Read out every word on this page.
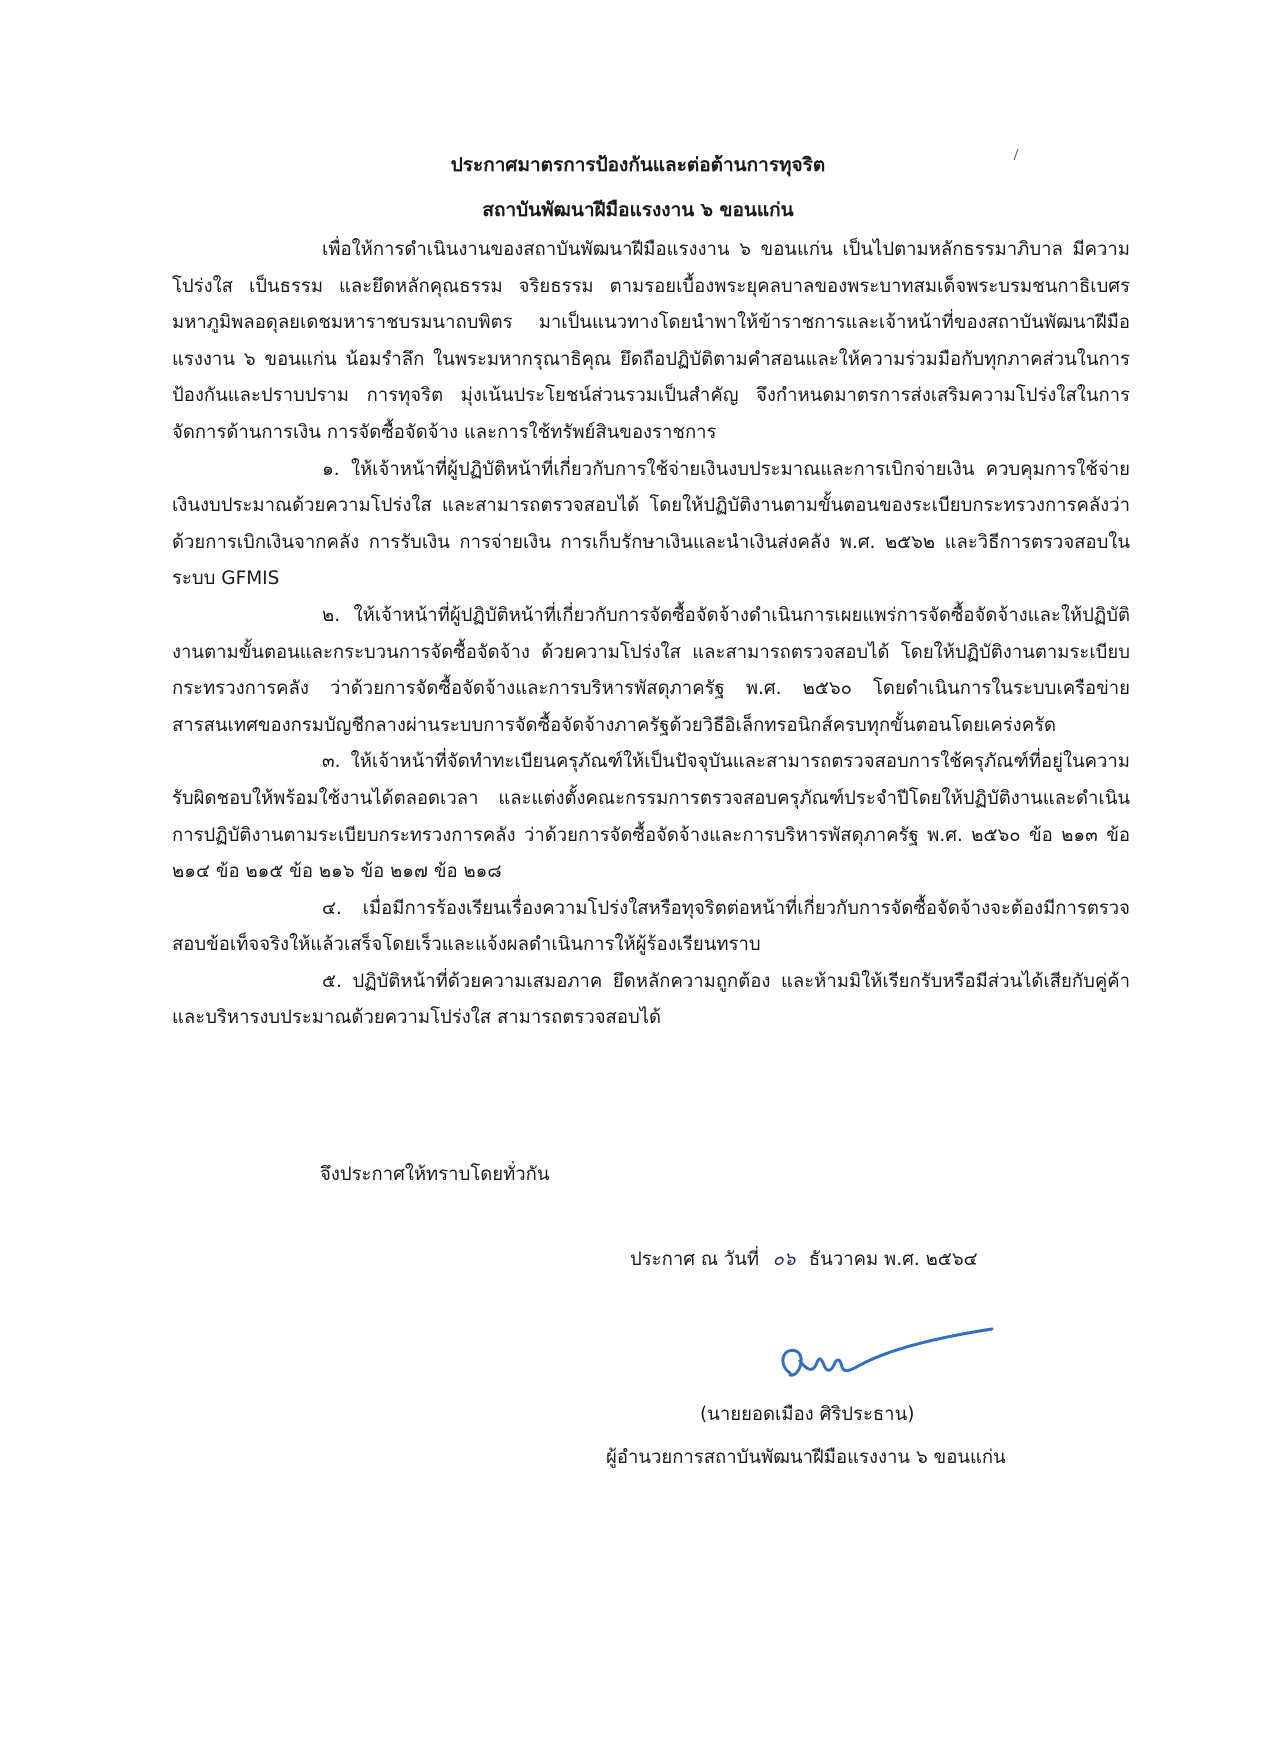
ประกาศมาตรการป้องกันและต่อต้านการทุจริต
สถาบันพัฒนาฝีมือแรงงาน ๖ ขอนแก่น

เพื่อให้การดำเนินงานของสถาบันพัฒนาฝีมือแรงงาน ๖ ขอนแก่น เป็นไปตามหลักธรรมาภิบาล มีความโปร่งใส เป็นธรรม และยึดหลักคุณธรรม จริยธรรม ตามรอยเบื้องพระยุคลบาลของพระบาทสมเด็จพระบรมชนกาธิเบศร มหาภูมิพลอดุลยเดชมหาราชบรมนาถบพิตร มาเป็นแนวทางโดยนำพาให้ข้าราชการและเจ้าหน้าที่ของสถาบันพัฒนาฝีมือแรงงาน ๖ ขอนแก่น น้อมรำลึก ในพระมหากรุณาธิคุณ ยึดถือปฏิบัติตามคำสอนและให้ความร่วมมือกับทุกภาคส่วนในการป้องกันและปราบปราม การทุจริต มุ่งเน้นประโยชน์ส่วนรวมเป็นสำคัญ จึงกำหนดมาตรการส่งเสริมความโปร่งใสในการจัดการด้านการเงิน การจัดซื้อจัดจ้าง และการใช้ทรัพย์สินของราชการ

๑. ให้เจ้าหน้าที่ผู้ปฏิบัติหน้าที่เกี่ยวกับการใช้จ่ายเงินงบประมาณและการเบิกจ่ายเงิน ควบคุมการใช้จ่ายเงินงบประมาณด้วยความโปร่งใส และสามารถตรวจสอบได้ โดยให้ปฏิบัติงานตามขั้นตอนของระเบียบกระทรวงการคลังว่าด้วยการเบิกเงินจากคลัง การรับเงิน การจ่ายเงิน การเก็บรักษาเงินและนำเงินส่งคลัง พ.ศ. ๒๕๖๒ และวิธีการตรวจสอบในระบบ GFMIS

๒. ให้เจ้าหน้าที่ผู้ปฏิบัติหน้าที่เกี่ยวกับการจัดซื้อจัดจ้างดำเนินการเผยแพร่การจัดซื้อจัดจ้างและให้ปฏิบัติงานตามขั้นตอนและกระบวนการจัดซื้อจัดจ้าง ด้วยความโปร่งใส และสามารถตรวจสอบได้ โดยให้ปฏิบัติงานตามระเบียบกระทรวงการคลัง ว่าด้วยการจัดซื้อจัดจ้างและการบริหารพัสดุภาครัฐ พ.ศ. ๒๕๖๐ โดยดำเนินการในระบบเครือข่ายสารสนเทศของกรมบัญชีกลางผ่านระบบการจัดซื้อจัดจ้างภาครัฐด้วยวิธีอิเล็กทรอนิกส์ครบทุกขั้นตอนโดยเคร่งครัด

๓. ให้เจ้าหน้าที่จัดทำทะเบียนครุภัณฑ์ให้เป็นปัจจุบันและสามารถตรวจสอบการใช้ครุภัณฑ์ที่อยู่ในความรับผิดชอบให้พร้อมใช้งานได้ตลอดเวลา และแต่งตั้งคณะกรรมการตรวจสอบครุภัณฑ์ประจำปีโดยให้ปฏิบัติงานและดำเนินการปฏิบัติงานตามระเบียบกระทรวงการคลัง ว่าด้วยการจัดซื้อจัดจ้างและการบริหารพัสดุภาครัฐ พ.ศ. ๒๕๖๐ ข้อ ๒๑๓ ข้อ ๒๑๔ ข้อ ๒๑๕ ข้อ ๒๑๖ ข้อ ๒๑๗ ข้อ ๒๑๘

๔. เมื่อมีการร้องเรียนเรื่องความโปร่งใสหรือทุจริตต่อหน้าที่เกี่ยวกับการจัดซื้อจัดจ้างจะต้องมีการตรวจสอบข้อเท็จจริงให้แล้วเสร็จโดยเร็วและแจ้งผลดำเนินการให้ผู้ร้องเรียนทราบ

๕. ปฏิบัติหน้าที่ด้วยความเสมอภาค ยึดหลักความถูกต้อง และห้ามมิให้เรียกรับหรือมีส่วนได้เสียกับคู่ค้า และบริหารงบประมาณด้วยความโปร่งใส สามารถตรวจสอบได้

จึงประกาศให้ทราบโดยทั่วกัน
ประกาศ ณ วันที่ ๐๖ ธันวาคม พ.ศ. ๒๕๖๔
(นายยอดเมือง ศิริประธาน)
ผู้อำนวยการสถาบันพัฒนาฝีมือแรงงาน ๖ ขอนแก่น
